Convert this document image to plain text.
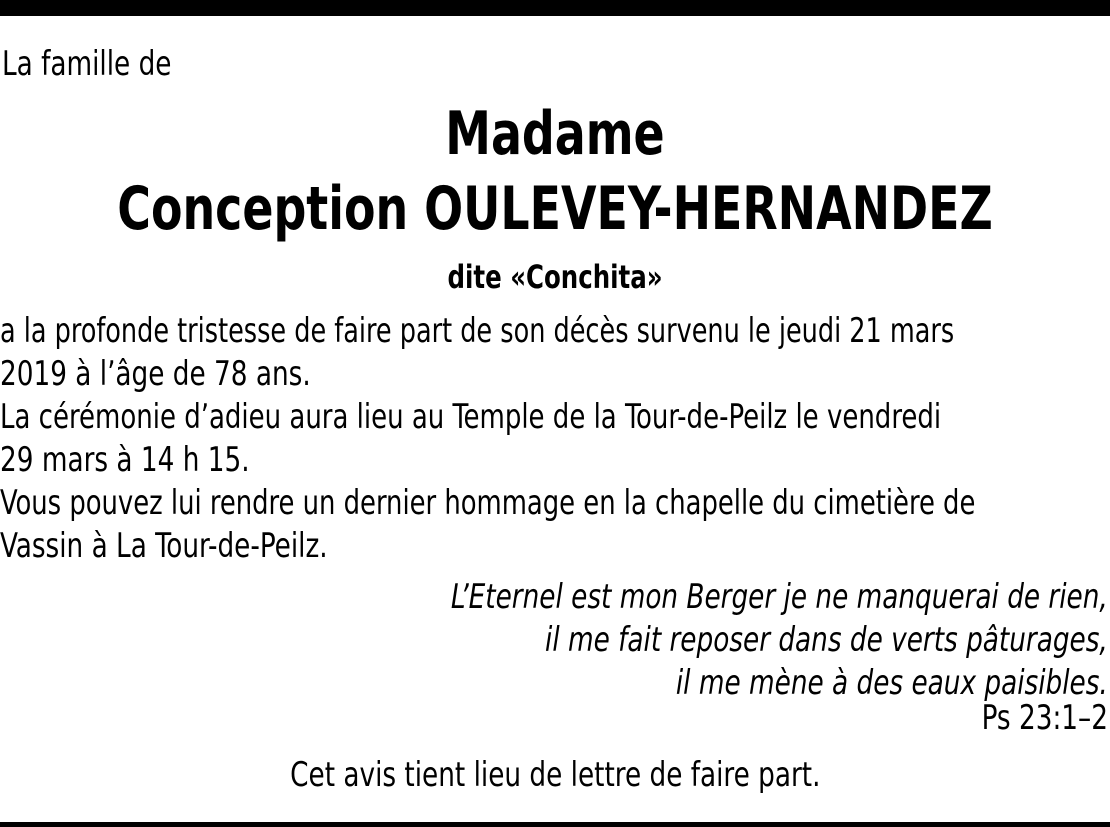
La famille de

Madame
Conception OULEVEY-HERNANDEZ

dite «Conchita»

a la profonde tristesse de faire part de son décès survenu le jeudi 21 mars
2019 à l’âge de 78 ans.
La cérémonie d’adieu aura lieu au Temple de la Tour-de-Peilz le vendredi
29 mars à 14 h 15.
Vous pouvez lui rendre un dernier hommage en la chapelle du cimetière de
Vassin à La Tour-de-Peilz.
L’Eternel est mon Berger je ne manquerai de rien,
il me fait reposer dans de verts pâturages,
il me mène à des eaux paisibles.
Ps 23:1–2
Cet avis tient lieu de lettre de faire part.
